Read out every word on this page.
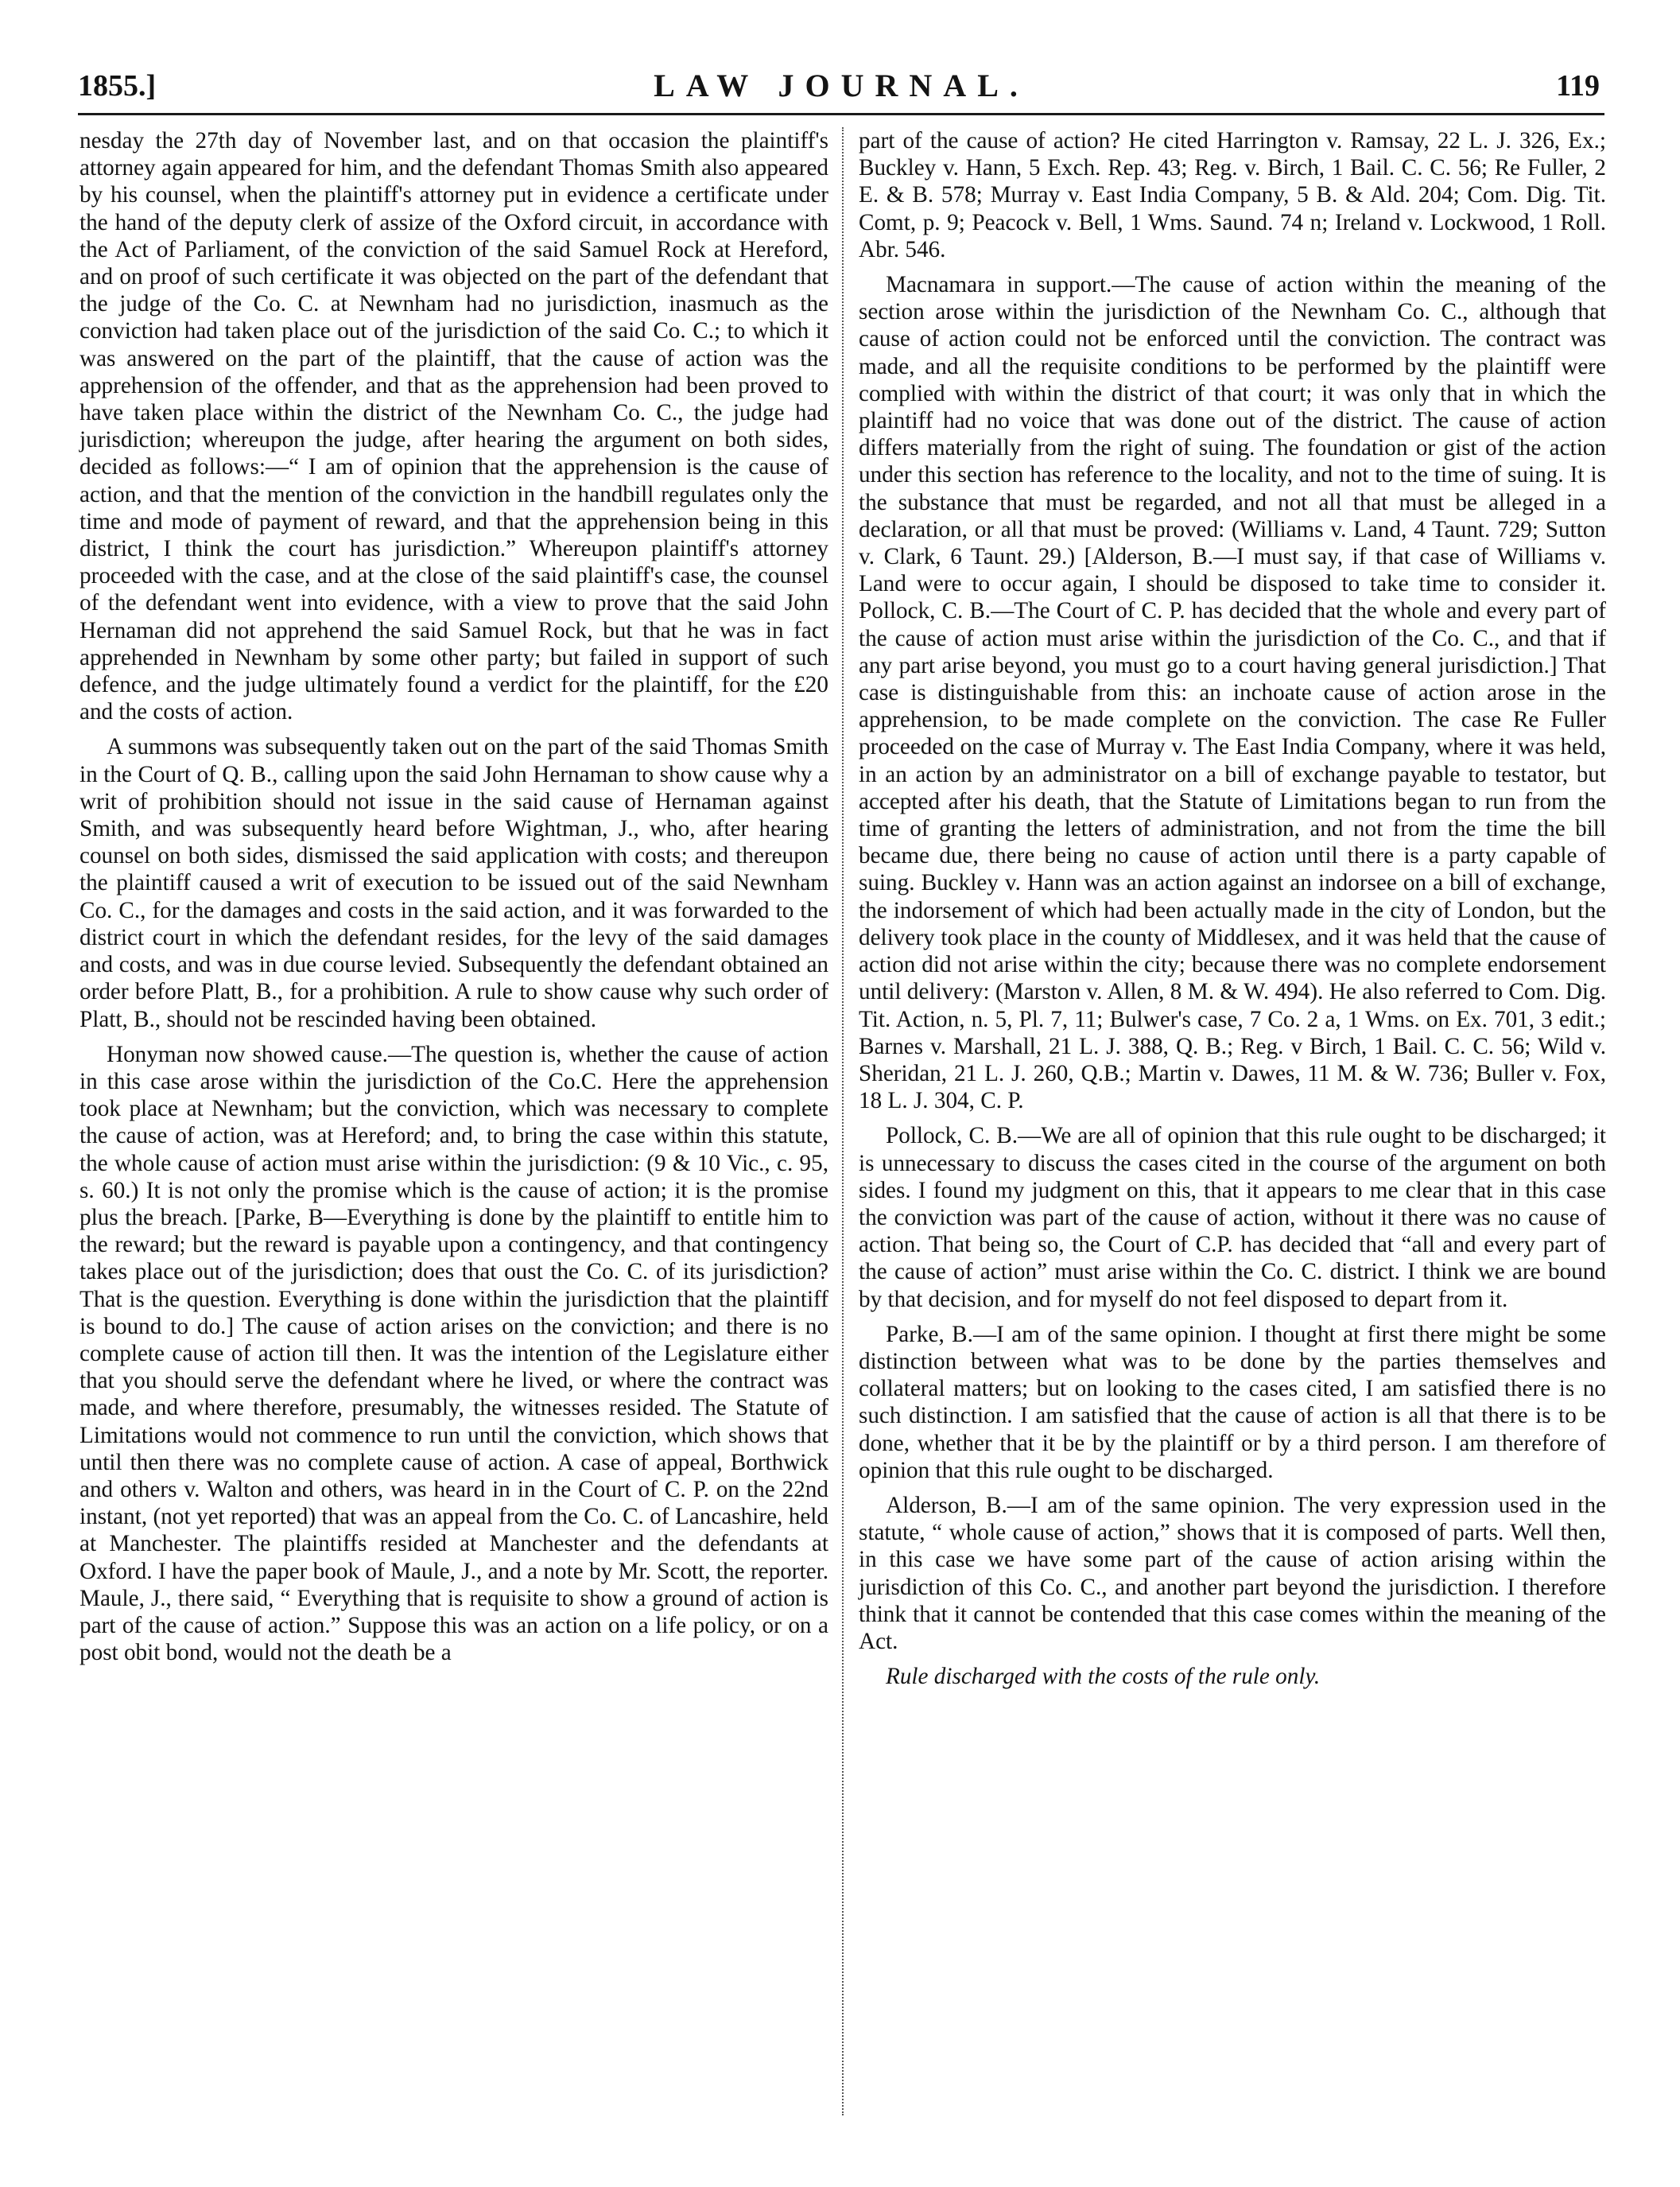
1855.]	LAW JOURNAL.	119

nesday the 27th day of November last, and on that occasion the plaintiff's attorney again appeared for him, and the defendant Thomas Smith also appeared by his counsel, when the plaintiff's attorney put in evidence a certificate under the hand of the deputy clerk of assize of the Oxford circuit, in accordance with the Act of Parliament, of the conviction of the said Samuel Rock at Hereford, and on proof of such certificate it was objected on the part of the defendant that the judge of the Co. C. at Newnham had no jurisdiction, inasmuch as the conviction had taken place out of the jurisdiction of the said Co. C.; to which it was answered on the part of the plaintiff, that the cause of action was the apprehension of the offender, and that as the apprehension had been proved to have taken place within the district of the Newnham Co. C., the judge had jurisdiction; whereupon the judge, after hearing the argument on both sides, decided as follows:—“ I am of opinion that the apprehension is the cause of action, and that the mention of the conviction in the handbill regulates only the time and mode of payment of reward, and that the apprehension being in this district, I think the court has jurisdiction.” Whereupon plaintiff's attorney proceeded with the case, and at the close of the said plaintiff's case, the counsel of the defendant went into evidence, with a view to prove that the said John Hernaman did not apprehend the said Samuel Rock, but that he was in fact apprehended in Newnham by some other party; but failed in support of such defence, and the judge ultimately found a verdict for the plaintiff, for the £20 and the costs of action.

A summons was subsequently taken out on the part of the said Thomas Smith in the Court of Q. B., calling upon the said John Hernaman to show cause why a writ of prohibition should not issue in the said cause of Hernaman against Smith, and was subsequently heard before Wightman, J., who, after hearing counsel on both sides, dismissed the said application with costs; and thereupon the plaintiff caused a writ of execution to be issued out of the said Newnham Co. C., for the damages and costs in the said action, and it was forwarded to the district court in which the defendant resides, for the levy of the said damages and costs, and was in due course levied. Subsequently the defendant obtained an order before Platt, B., for a prohibition. A rule to show cause why such order of Platt, B., should not be rescinded having been obtained.

Honyman now showed cause.—The question is, whether the cause of action in this case arose within the jurisdiction of the Co.C. Here the apprehension took place at Newnham; but the conviction, which was necessary to complete the cause of action, was at Hereford; and, to bring the case within this statute, the whole cause of action must arise within the jurisdiction: (9 & 10 Vic., c. 95, s. 60.) It is not only the promise which is the cause of action; it is the promise plus the breach. [Parke, B—Everything is done by the plaintiff to entitle him to the reward; but the reward is payable upon a contingency, and that contingency takes place out of the jurisdiction; does that oust the Co. C. of its jurisdiction? That is the question. Everything is done within the jurisdiction that the plaintiff is bound to do.] The cause of action arises on the conviction; and there is no complete cause of action till then. It was the intention of the Legislature either that you should serve the defendant where he lived, or where the contract was made, and where therefore, presumably, the witnesses resided. The Statute of Limitations would not commence to run until the conviction, which shows that until then there was no complete cause of action. A case of appeal, Borthwick and others v. Walton and others, was heard in in the Court of C. P. on the 22nd instant, (not yet reported) that was an appeal from the Co. C. of Lancashire, held at Manchester. The plaintiffs resided at Manchester and the defendants at Oxford. I have the paper book of Maule, J., and a note by Mr. Scott, the reporter. Maule, J., there said, “ Everything that is requisite to show a ground of action is part of the cause of action.” Suppose this was an action on a life policy, or on a post obit bond, would not the death be a

part of the cause of action? He cited Harrington v. Ramsay, 22 L. J. 326, Ex.; Buckley v. Hann, 5 Exch. Rep. 43; Reg. v. Birch, 1 Bail. C. C. 56; Re Fuller, 2 E. & B. 578; Murray v. East India Company, 5 B. & Ald. 204; Com. Dig. Tit. Comt, p. 9; Peacock v. Bell, 1 Wms. Saund. 74 n; Ireland v. Lockwood, 1 Roll. Abr. 546.

Macnamara in support.—The cause of action within the meaning of the section arose within the jurisdiction of the Newnham Co. C., although that cause of action could not be enforced until the conviction. The contract was made, and all the requisite conditions to be performed by the plaintiff were complied with within the district of that court; it was only that in which the plaintiff had no voice that was done out of the district. The cause of action differs materially from the right of suing. The foundation or gist of the action under this section has reference to the locality, and not to the time of suing. It is the substance that must be regarded, and not all that must be alleged in a declaration, or all that must be proved: (Williams v. Land, 4 Taunt. 729; Sutton v. Clark, 6 Taunt. 29.) [Alderson, B.—I must say, if that case of Williams v. Land were to occur again, I should be disposed to take time to consider it. Pollock, C. B.—The Court of C. P. has decided that the whole and every part of the cause of action must arise within the jurisdiction of the Co. C., and that if any part arise beyond, you must go to a court having general jurisdiction.] That case is distinguishable from this: an inchoate cause of action arose in the apprehension, to be made complete on the conviction. The case Re Fuller proceeded on the case of Murray v. The East India Company, where it was held, in an action by an administrator on a bill of exchange payable to testator, but accepted after his death, that the Statute of Limitations began to run from the time of granting the letters of administration, and not from the time the bill became due, there being no cause of action until there is a party capable of suing. Buckley v. Hann was an action against an indorsee on a bill of exchange, the indorsement of which had been actually made in the city of London, but the delivery took place in the county of Middlesex, and it was held that the cause of action did not arise within the city; because there was no complete endorsement until delivery: (Marston v. Allen, 8 M. & W. 494). He also referred to Com. Dig. Tit. Action, n. 5, Pl. 7, 11; Bulwer's case, 7 Co. 2 a, 1 Wms. on Ex. 701, 3 edit.; Barnes v. Marshall, 21 L. J. 388, Q. B.; Reg. v Birch, 1 Bail. C. C. 56; Wild v. Sheridan, 21 L. J. 260, Q.B.; Martin v. Dawes, 11 M. & W. 736; Buller v. Fox, 18 L. J. 304, C. P.

Pollock, C. B.—We are all of opinion that this rule ought to be discharged; it is unnecessary to discuss the cases cited in the course of the argument on both sides. I found my judgment on this, that it appears to me clear that in this case the conviction was part of the cause of action, without it there was no cause of action. That being so, the Court of C.P. has decided that “all and every part of the cause of action” must arise within the Co. C. district. I think we are bound by that decision, and for myself do not feel disposed to depart from it.

Parke, B.—I am of the same opinion. I thought at first there might be some distinction between what was to be done by the parties themselves and collateral matters; but on looking to the cases cited, I am satisfied there is no such distinction. I am satisfied that the cause of action is all that there is to be done, whether that it be by the plaintiff or by a third person. I am therefore of opinion that this rule ought to be discharged.

Alderson, B.—I am of the same opinion. The very expression used in the statute, “ whole cause of action,” shows that it is composed of parts. Well then, in this case we have some part of the cause of action arising within the jurisdiction of this Co. C., and another part beyond the jurisdiction. I therefore think that it cannot be contended that this case comes within the meaning of the Act.

Rule discharged with the costs of the rule only.
